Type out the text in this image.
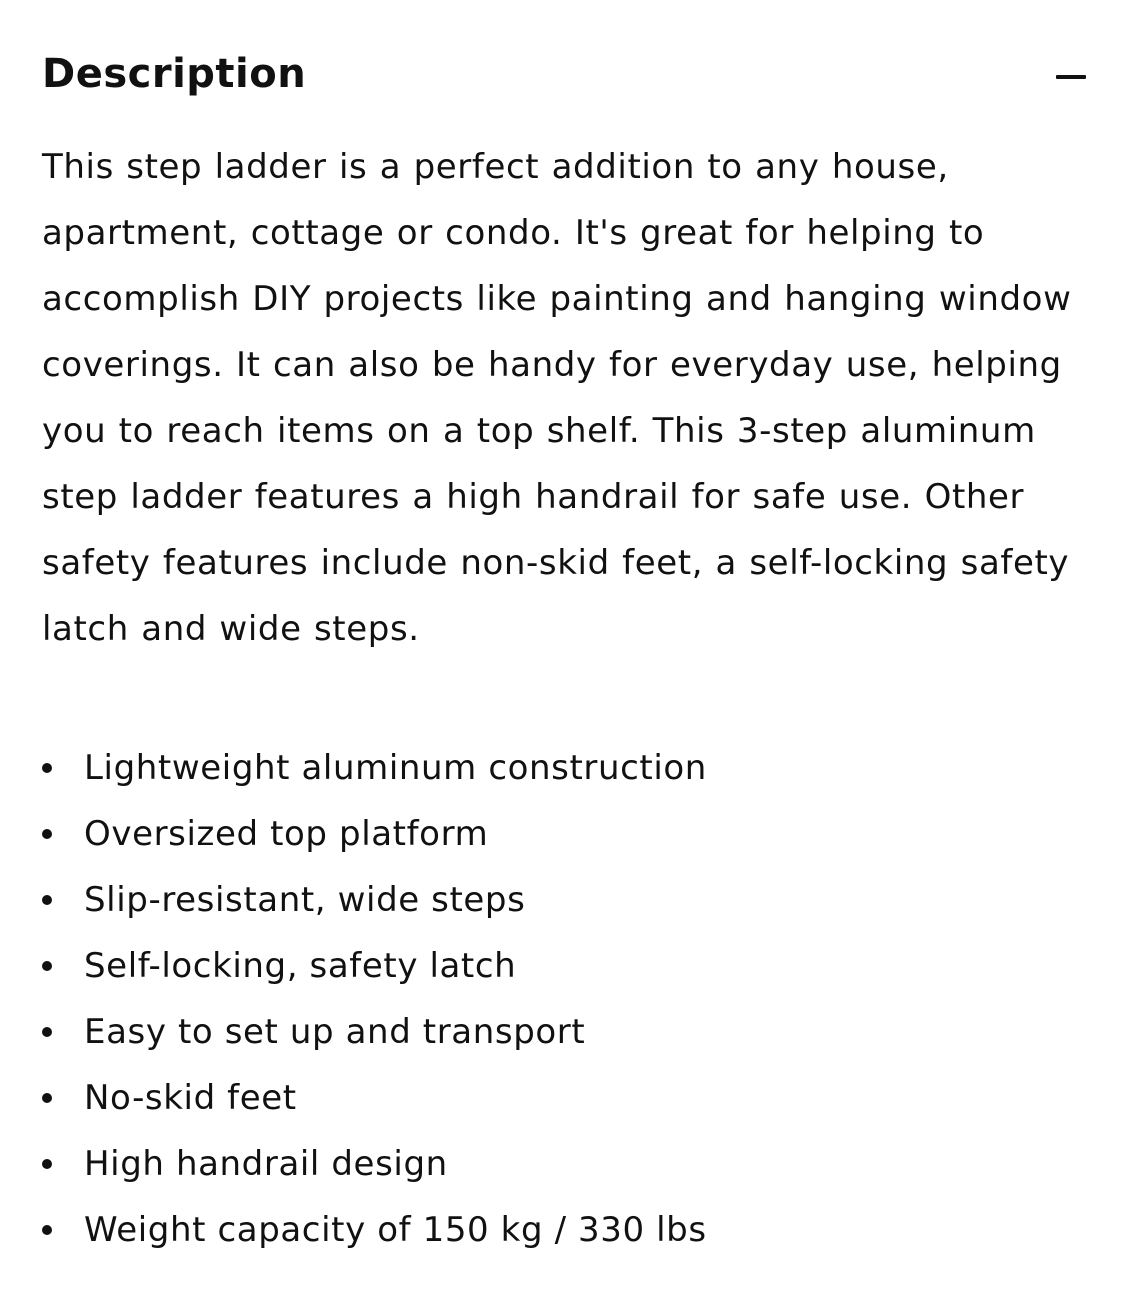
Description

This step ladder is a perfect addition to any house, apartment, cottage or condo. It's great for helping to accomplish DIY projects like painting and hanging window coverings. It can also be handy for everyday use, helping you to reach items on a top shelf. This 3-step aluminum step ladder features a high handrail for safe use. Other safety features include non-skid feet, a self-locking safety latch and wide steps.

Lightweight aluminum construction
Oversized top platform
Slip-resistant, wide steps
Self-locking, safety latch
Easy to set up and transport
No-skid feet
High handrail design
Weight capacity of 150 kg / 330 lbs
